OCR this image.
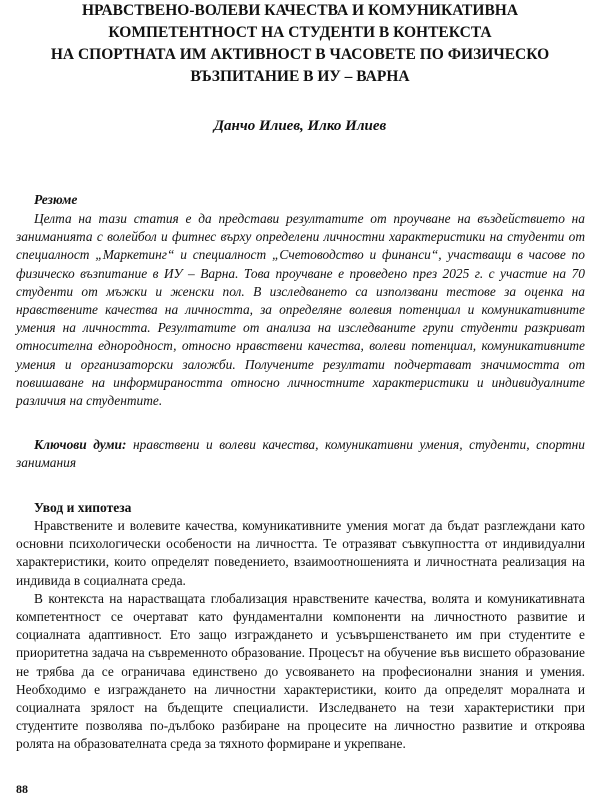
НРАВСТВЕНО-ВОЛЕВИ КАЧЕСТВА И КОМУНИКАТИВНА
КОМПЕТЕНТНОСТ НА СТУДЕНТИ В КОНТЕКСТА
НА СПОРТНАТА ИМ АКТИВНОСТ В ЧАСОВЕТЕ ПО ФИЗИЧЕСКО
ВЪЗПИТАНИЕ В ИУ – ВАРНА
Данчо Илиев, Илко Илиев
Резюме

Целта на тази статия е да представи резултатите от проучване на въздействието на заниманията с волейбол и фитнес върху определени личностни характеристики на студенти от специалност „Маркетинг“ и специалност „Счетоводство и финанси“, участващи в часове по физическо възпитание в ИУ – Варна. Това проучване е проведено през 2025 г. с участие на 70 студенти от мъжки и женски пол. В изследването са използвани тестове за оценка на нравствените качества на личността, за определяне волевия потенциал и комуникативните умения на личността. Резултатите от анализа на изследваните групи студенти разкриват относителна еднородност, относно нравствени качества, волеви потенциал, комуникативните умения и организаторски заложби. Получените резултати подчертават значимостта от повишаване на информираността относно личностните характеристики и индивидуалните различия на студентите.

Ключови думи: нравствени и волеви качества, комуникативни умения, студенти, спортни занимания

Увод и хипотеза

Нравствените и волевите качества, комуникативните умения могат да бъдат разглеждани като основни психологически особености на личността. Те отразяват съвкупността от индивидуални характеристики, които определят поведението, взаимоотношенията и личностната реализация на индивида в социалната среда.

В контекста на нарастващата глобализация нравствените качества, волята и комуникативната компетентност се очертават като фундаментални компоненти на личностното развитие и социалната адаптивност. Ето защо изграждането и усъвършенстването им при студентите е приоритетна задача на съвременното образование. Процесът на обучение във висшето образование не трябва да се ограничава единствено до усвояването на професионални знания и умения. Необходимо е изграждането на личностни характеристики, които да определят моралната и социалната зрялост на бъдещите специалисти. Изследването на тези характеристики при студентите позволява по-дълбоко разбиране на процесите на личностно развитие и откроява ролята на образователната среда за тяхното формиране и укрепване.

88
